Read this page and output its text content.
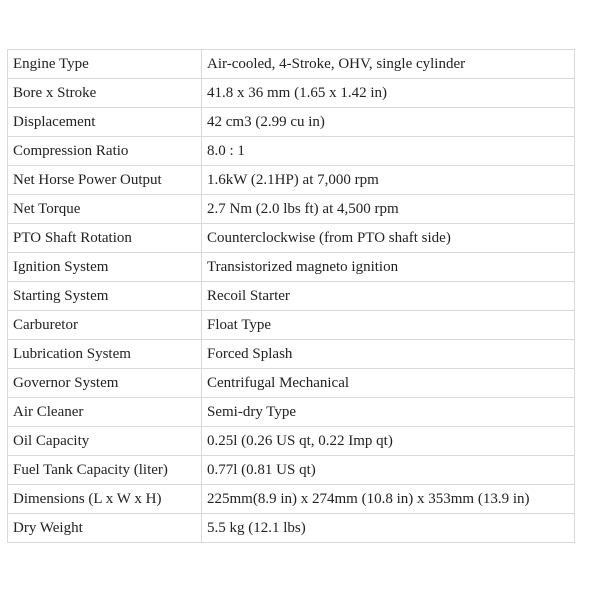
Engine Type	Air-cooled, 4-Stroke, OHV, single cylinder
Bore x Stroke	41.8 x 36 mm (1.65 x 1.42 in)
Displacement	42 cm3 (2.99 cu in)
Compression Ratio	8.0 : 1
Net Horse Power Output	1.6kW (2.1HP) at 7,000 rpm
Net Torque	2.7 Nm (2.0 lbs ft) at 4,500 rpm
PTO Shaft Rotation	Counterclockwise (from PTO shaft side)
Ignition System	Transistorized magneto ignition
Starting System	Recoil Starter
Carburetor	Float Type
Lubrication System	Forced Splash
Governor System	Centrifugal Mechanical
Air Cleaner	Semi-dry Type
Oil Capacity	0.25l (0.26 US qt, 0.22 Imp qt)
Fuel Tank Capacity (liter)	0.77l (0.81 US qt)
Dimensions (L x W x H)	225mm(8.9 in) x 274mm (10.8 in) x 353mm (13.9 in)
Dry Weight	5.5 kg (12.1 lbs)
